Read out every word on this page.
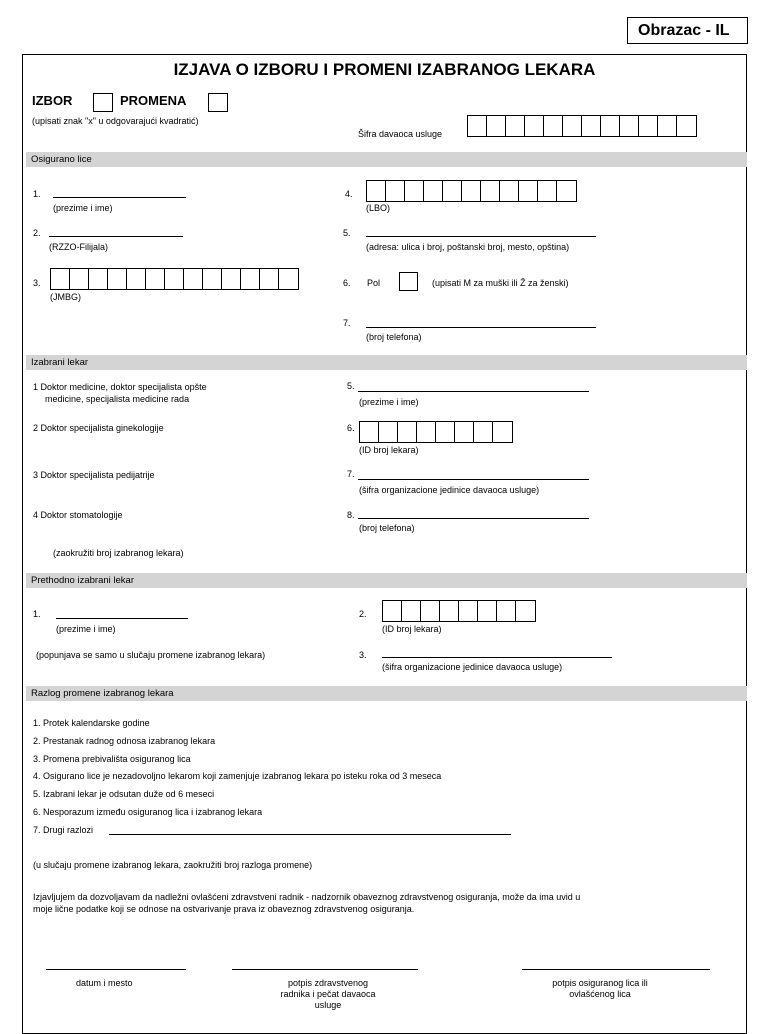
Obrazac - IL
IZJAVA O IZBORU I PROMENI IZABRANOG LEKARA
IZBOR	PROMENA
(upisati znak "x" u odgovarajući kvadratić)
Šifra davaoca usluge
Osigurano lice
1.
(prezime i ime)
2.
(RZZO-Filijala)
3.
(JMBG)
4.
(LBO)
5.
(adresa: ulica i broj, poštanski broj, mesto, opština)
6. Pol	(upisati M za muški ili Ž za ženski)
7.
(broj telefona)
Izabrani lekar
1 Doktor medicine, doktor specijalista opšte
medicine, specijalista medicine rada
2 Doktor specijalista ginekologije
3 Doktor specijalista pedijatrije
4 Doktor stomatologije
(zaokružiti broj izabranog lekara)
5.
(prezime i ime)
6.
(ID broj lekara)
7.
(šifra organizacione jedinice davaoca usluge)
8.
(broj telefona)
Prethodno izabrani lekar
1.
(prezime i ime)
(popunjava se samo u slučaju promene izabranog lekara)
2.
(ID broj lekara)
3.
(šifra organizacione jedinice davaoca usluge)
Razlog promene izabranog lekara
1. Protek kalendarske godine
2. Prestanak radnog odnosa izabranog lekara
3. Promena prebivališta osiguranog lica
4. Osigurano lice je nezadovoljno lekarom koji zamenjuje izabranog lekara po isteku roka od 3 meseca
5. Izabrani lekar je odsutan duže od 6 meseci
6. Nesporazum između osiguranog lica i izabranog lekara
7. Drugi razlozi
(u slučaju promene izabranog lekara, zaokružiti broj razloga promene)
Izjavljujem da dozvoljavam da nadležni ovlašćeni zdravstveni radnik - nadzornik obaveznog zdravstvenog osiguranja, može da ima uvid u
moje lične podatke koji se odnose na ostvarivanje prava iz obaveznog zdravstvenog osiguranja.
datum i mesto	potpis zdravstvenog
radnika i pečat davaoca
usluge
potpis osiguranog lica ili
ovlašćenog lica
